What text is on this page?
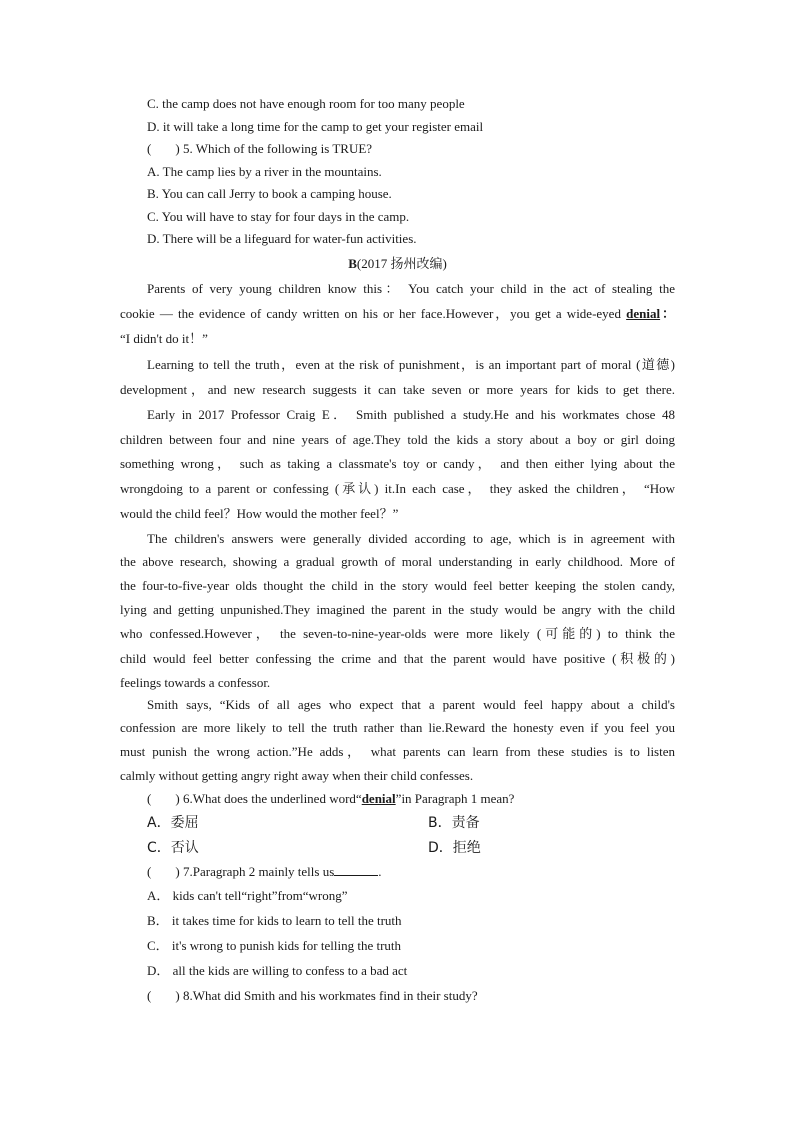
C. the camp does not have enough room for too many people
D. it will take a long time for the camp to get your register email
( ) 5. Which of the following is TRUE?
A. The camp lies by a river in the mountains.
B. You can call Jerry to book a camping house.
C. You will have to stay for four days in the camp.
D. There will be a lifeguard for water-fun activities.
B(2017 扬州改编)
Parents of very young children know this： You catch your child in the act of stealing the
cookie — the evidence of candy written on his or her face.However，you get a wide-eyed denial：
“I didn't do it！”
Learning to tell the truth，even at the risk of punishment，is an important part of moral (道德)
development，and new research suggests it can take seven or more years for kids to get there.
Early in 2017 Professor Craig E． Smith published a study.He and his workmates chose 48
children between four and nine years of age.They told the kids a story about a boy or girl doing
something wrong， such as taking a classmate's toy or candy， and then either lying about the
wrongdoing to a parent or confessing (承认) it.In each case， they asked the children， “How
would the child feel？How would the mother feel？”
The children's answers were generally divided according to age, which is in agreement with
the above research, showing a gradual growth of moral understanding in early childhood. More of
the four-to-five-year olds thought the child in the story would feel better keeping the stolen candy,
lying and getting unpunished.They imagined the parent in the study would be angry with the child
who confessed.However， the seven-to-nine-year-olds were more likely (可能的) to think the
child would feel better confessing the crime and that the parent would have positive (积极的)
feelings towards a confessor.
Smith says, “Kids of all ages who expect that a parent would feel happy about a child's
confession are more likely to tell the truth rather than lie.Reward the honesty even if you feel you
must punish the wrong action.”He adds， what parents can learn from these studies is to listen
calmly without getting angry right away when their child confesses.
( ) 6.What does the underlined word“denial”in Paragraph 1 mean?
A．委屈	B．责备
C．否认	D．拒绝
( ) 7.Paragraph 2 mainly tells us	.
A． kids can't tell“right”from“wrong”
B． it takes time for kids to learn to tell the truth
C． it's wrong to punish kids for telling the truth
D． all the kids are willing to confess to a bad act
( ) 8.What did Smith and his workmates find in their study?
